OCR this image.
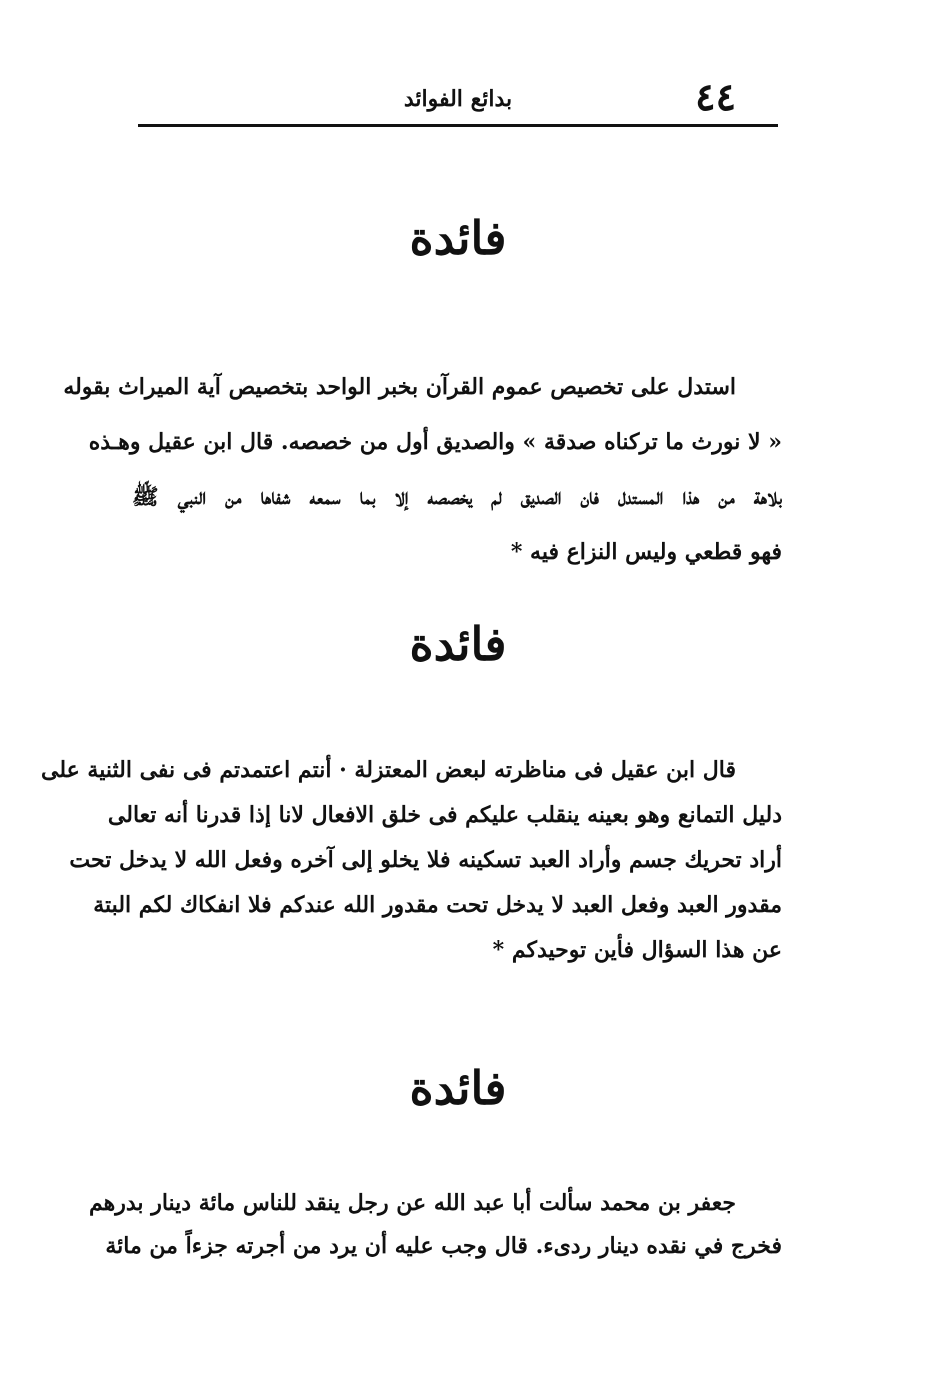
٤٤
بدائع الفوائد
فائدة
استدل على تخصيص عموم القرآن بخبر الواحد بتخصيص آية الميراث بقوله
« لا نورث ما تركناه صدقة » والصديق أول من خصصه. قال ابن عقيل وهـذه
بلاهة من هذا المستدل فان الصديق لم يخصصه إلا بما سمعه شفاها من النبي ﷺ
فهو قطعي وليس النزاع فيه *
فائدة
قال ابن عقيل فى مناظرته لبعض المعتزلة · أنتم اعتمدتم فى نفى الثنية على
دليل التمانع وهو بعينه ينقلب عليكم فى خلق الافعال لانا إذا قدرنا أنه تعالى
أراد تحريك جسم وأراد العبد تسكينه فلا يخلو إلى آخره وفعل الله لا يدخل تحت
مقدور العبد وفعل العبد لا يدخل تحت مقدور الله عندكم فلا انفكاك لكم البتة
عن هذا السؤال فأين توحيدكم *
فائدة
جعفر بن محمد سألت أبا عبد الله عن رجل ينقد للناس مائة دينار بدرهم
فخرج في نقده دينار ردىء. قال وجب عليه أن يرد من أجرته جزءاً من مائة
